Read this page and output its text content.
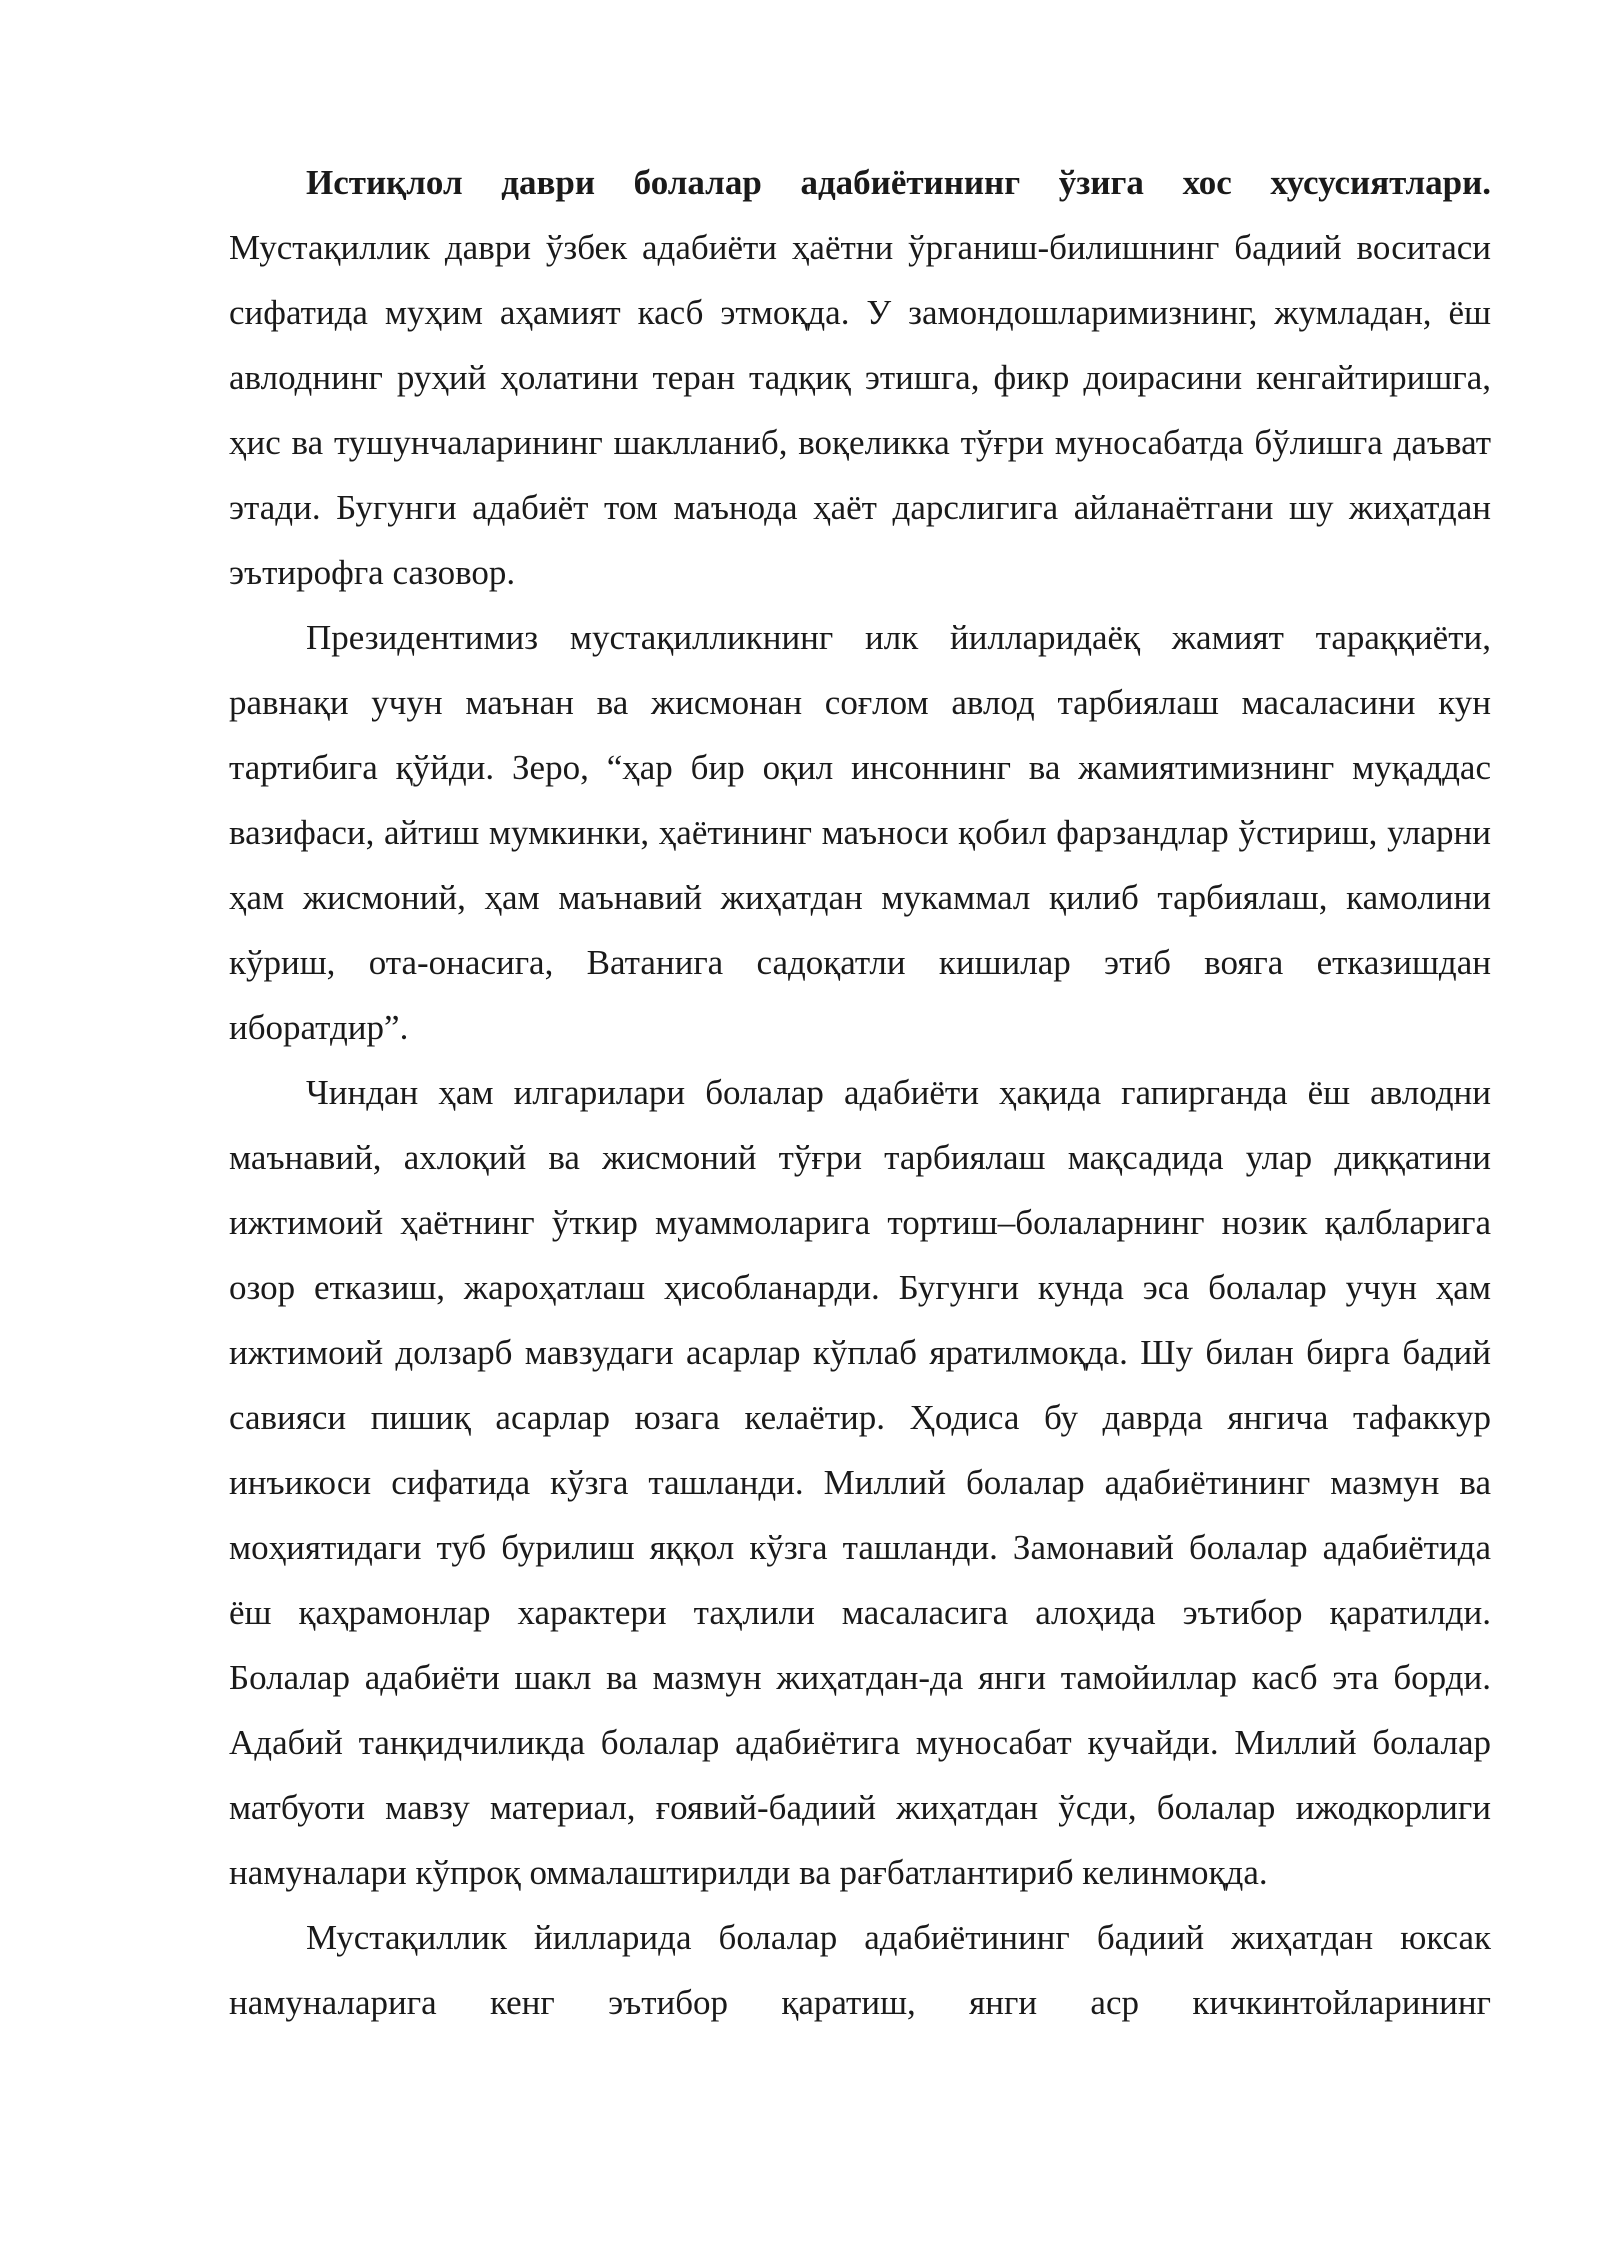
Истиқлол даври болалар адабиётининг ўзига хос хусусиятлари. Мустақиллик даври ўзбек адабиёти ҳаётни ўрганиш-билишнинг бадиий воситаси сифатида муҳим аҳамият касб этмоқда. У замондошларимизнинг, жумладан, ёш авлоднинг руҳий ҳолатини теран тадқиқ этишга, фикр доирасини кенгайтиришга, ҳис ва тушунчаларининг шаклланиб, воқеликка тўғри муносабатда бўлишга даъват этади. Бугунги адабиёт том маънода ҳаёт дарслигига айланаётгани шу жиҳатдан эътирофга сазовор.

Президентимиз мустақилликнинг илк йилларидаёқ жамият тараққиёти, равнақи учун маънан ва жисмонан соғлом авлод тарбиялаш масаласини кун тартибига қўйди. Зеро, “ҳар бир оқил инсоннинг ва жамиятимизнинг муқаддас вазифаси, айтиш мумкинки, ҳаётининг маъноси қобил фарзандлар ўстириш, уларни ҳам жисмоний, ҳам маънавий жиҳатдан мукаммал қилиб тарбиялаш, камолини кўриш, ота-онасига, Ватанига садоқатли кишилар этиб вояга етказишдан иборатдир”.

Чиндан ҳам илгарилари болалар адабиёти ҳақида гапирганда ёш авлодни маънавий, ахлоқий ва жисмоний тўғри тарбиялаш мақсадида улар диққатини ижтимоий ҳаётнинг ўткир муаммоларига тортиш–болаларнинг нозик қалбларига озор етказиш, жароҳатлаш ҳисобланарди. Бугунги кунда эса болалар учун ҳам ижтимоий долзарб мавзудаги асарлар кўплаб яратилмоқда. Шу билан бирга бадий савияси пишиқ асарлар юзага келаётир. Ҳодиса бу даврда янгича тафаккур инъикоси сифатида кўзга ташланди. Миллий болалар адабиётининг мазмун ва моҳиятидаги туб бурилиш яққол кўзга ташланди. Замонавий болалар адабиётида ёш қаҳрамонлар характери таҳлили масаласига алоҳида эътибор қаратилди. Болалар адабиёти шакл ва мазмун жиҳатдан-да янги тамойиллар касб эта борди. Адабий танқидчиликда болалар адабиётига муносабат кучайди. Миллий болалар матбуоти мавзу материал, ғоявий-бадиий жиҳатдан ўсди, болалар ижодкорлиги намуналари кўпроқ оммалаштирилди ва рағбатлантириб келинмоқда.

Мустақиллик йилларида болалар адабиётининг бадиий жиҳатдан юксак намуналарига кенг эътибор қаратиш, янги аср кичкинтойларининг
